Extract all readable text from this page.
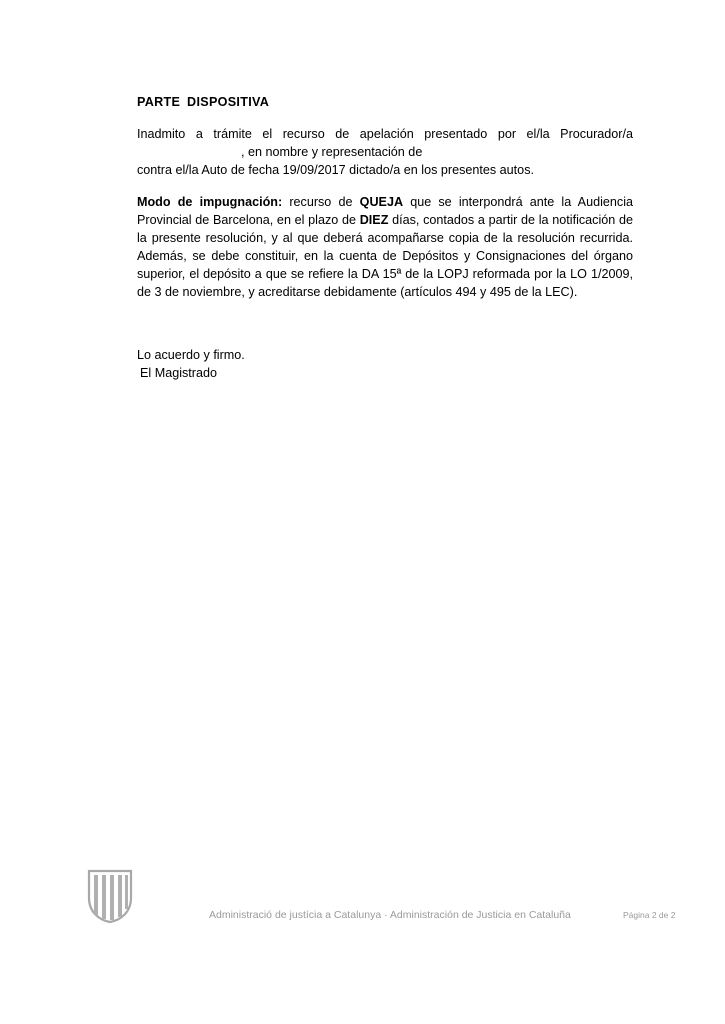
PARTE DISPOSITIVA
Inadmito a trámite el recurso de apelación presentado por el/la Procurador/a
, en nombre y representación de
contra el/la Auto de fecha 19/09/2017 dictado/a en los presentes autos.
Modo de impugnación: recurso de QUEJA que se interpondrá ante la Audiencia
Provincial de Barcelona, en el plazo de DIEZ días, contados a partir de la notificación de
la presente resolución, y al que deberá acompañarse copia de la resolución recurrida.
Además, se debe constituir, en la cuenta de Depósitos y Consignaciones del órgano
superior, el depósito a que se refiere la DA 15ª de la LOPJ reformada por la LO 1/2009,
de 3 de noviembre, y acreditarse debidamente (artículos 494 y 495 de la LEC).
Lo acuerdo y firmo.
El Magistrado
Administració de justícia a Catalunya · Administración de Justicia en Cataluña	Página 2 de 2
